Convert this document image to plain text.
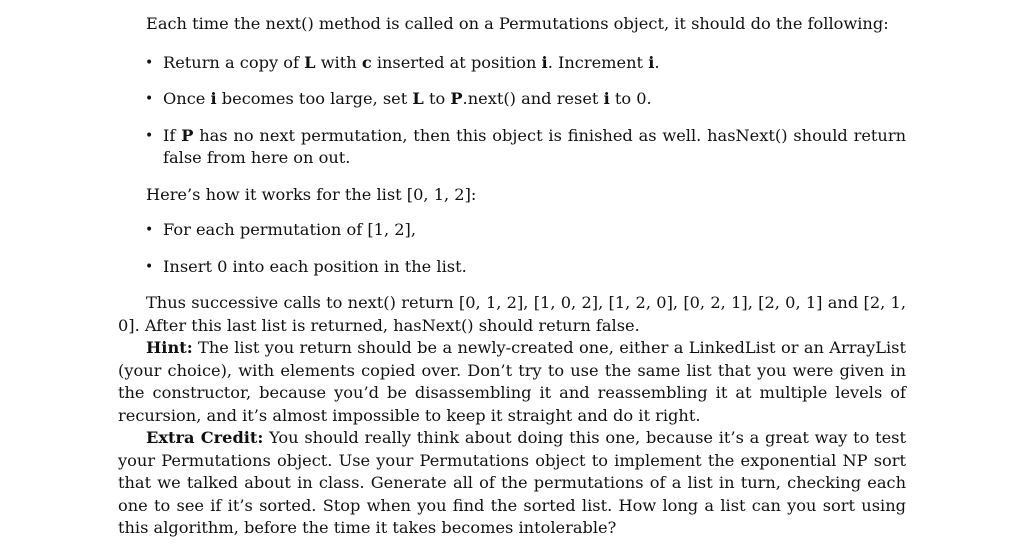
Each time the next() method is called on a Permutations object, it should do the following:

• Return a copy of L with c inserted at position i. Increment i.
• Once i becomes too large, set L to P.next() and reset i to 0.
• If P has no next permutation, then this object is finished as well. hasNext() should return false from here on out.

Here’s how it works for the list [0, 1, 2]:

• For each permutation of [1, 2],
• Insert 0 into each position in the list.

Thus successive calls to next() return [0, 1, 2], [1, 0, 2], [1, 2, 0], [0, 2, 1], [2, 0, 1] and [2, 1, 0]. After this last list is returned, hasNext() should return false.

Hint: The list you return should be a newly-created one, either a LinkedList or an ArrayList (your choice), with elements copied over. Don’t try to use the same list that you were given in the constructor, because you’d be disassembling it and reassembling it at multiple levels of recursion, and it’s almost impossible to keep it straight and do it right.

Extra Credit: You should really think about doing this one, because it’s a great way to test your Permutations object. Use your Permutations object to implement the exponential NP sort that we talked about in class. Generate all of the permutations of a list in turn, checking each one to see if it’s sorted. Stop when you find the sorted list. How long a list can you sort using this algorithm, before the time it takes becomes intolerable?
